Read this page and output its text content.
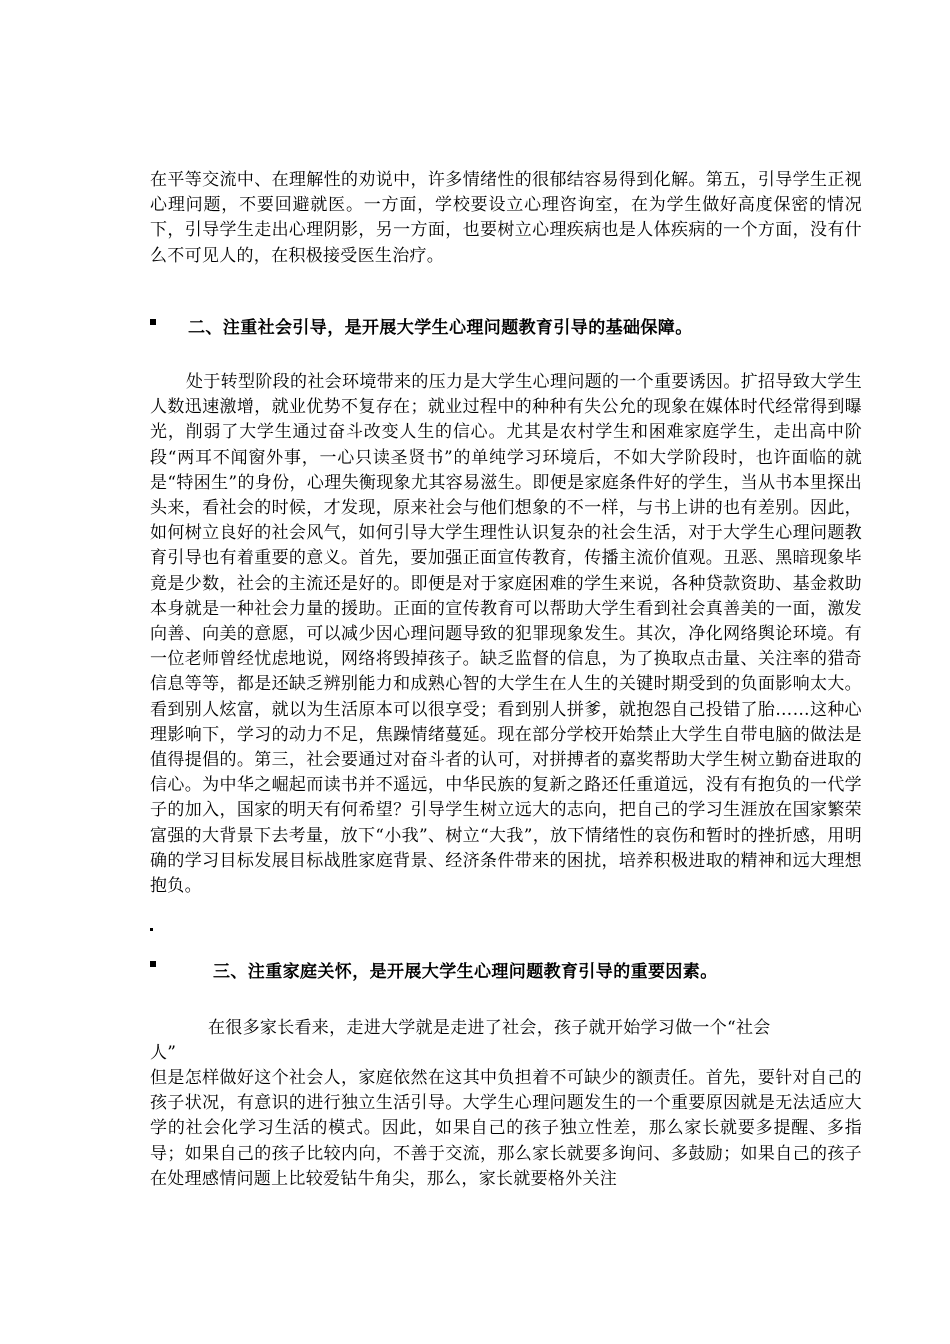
在平等交流中、在理解性的劝说中，许多情绪性的很郁结容易得到化解。第五，引导学生正视心理问题，不要回避就医。一方面，学校要设立心理咨询室，在为学生做好高度保密的情况下，引导学生走出心理阴影，另一方面，也要树立心理疾病也是人体疾病的一个方面，没有什么不可见人的，在积极接受医生治疗。
二、注重社会引导，是开展大学生心理问题教育引导的基础保障。
处于转型阶段的社会环境带来的压力是大学生心理问题的一个重要诱因。扩招导致大学生人数迅速激增，就业优势不复存在；就业过程中的种种有失公允的现象在媒体时代经常得到曝光，削弱了大学生通过奋斗改变人生的信心。尤其是农村学生和困难家庭学生，走出高中阶段“两耳不闻窗外事，一心只读圣贤书”的单纯学习环境后，不如大学阶段时，也许面临的就是“特困生”的身份，心理失衡现象尤其容易滋生。即便是家庭条件好的学生，当从书本里探出头来，看社会的时候，才发现，原来社会与他们想象的不一样，与书上讲的也有差别。因此，如何树立良好的社会风气，如何引导大学生理性认识复杂的社会生活，对于大学生心理问题教育引导也有着重要的意义。首先，要加强正面宣传教育，传播主流价值观。丑恶、黑暗现象毕竟是少数，社会的主流还是好的。即便是对于家庭困难的学生来说，各种贷款资助、基金救助本身就是一种社会力量的援助。正面的宣传教育可以帮助大学生看到社会真善美的一面，激发向善、向美的意愿，可以减少因心理问题导致的犯罪现象发生。其次，净化网络舆论环境。有一位老师曾经忧虑地说，网络将毁掉孩子。缺乏监督的信息，为了换取点击量、关注率的猎奇信息等等，都是还缺乏辨别能力和成熟心智的大学生在人生的关键时期受到的负面影响太大。看到别人炫富，就以为生活原本可以很享受；看到别人拼爹，就抱怨自己投错了胎……这种心理影响下，学习的动力不足，焦躁情绪蔓延。现在部分学校开始禁止大学生自带电脑的做法是值得提倡的。第三，社会要通过对奋斗者的认可，对拼搏者的嘉奖帮助大学生树立勤奋进取的信心。为中华之崛起而读书并不遥远，中华民族的复新之路还任重道远，没有有抱负的一代学子的加入，国家的明天有何希望？引导学生树立远大的志向，把自己的学习生涯放在国家繁荣富强的大背景下去考量，放下“小我”、树立“大我”，放下情绪性的哀伤和暂时的挫折感，用明确的学习目标发展目标战胜家庭背景、经济条件带来的困扰，培养积极进取的精神和远大理想抱负。
三、注重家庭关怀，是开展大学生心理问题教育引导的重要因素。
在很多家长看来，走进大学就是走进了社会，孩子就开始学习做一个“社会
人”
但是怎样做好这个社会人，家庭依然在这其中负担着不可缺少的额责任。首先，要针对自己的孩子状况，有意识的进行独立生活引导。大学生心理问题发生的一个重要原因就是无法适应大学的社会化学习生活的模式。因此，如果自己的孩子独立性差，那么家长就要多提醒、多指导；如果自己的孩子比较内向，不善于交流，那么家长就要多询问、多鼓励；如果自己的孩子在处理感情问题上比较爱钻牛角尖，那么，家长就要格外关注
